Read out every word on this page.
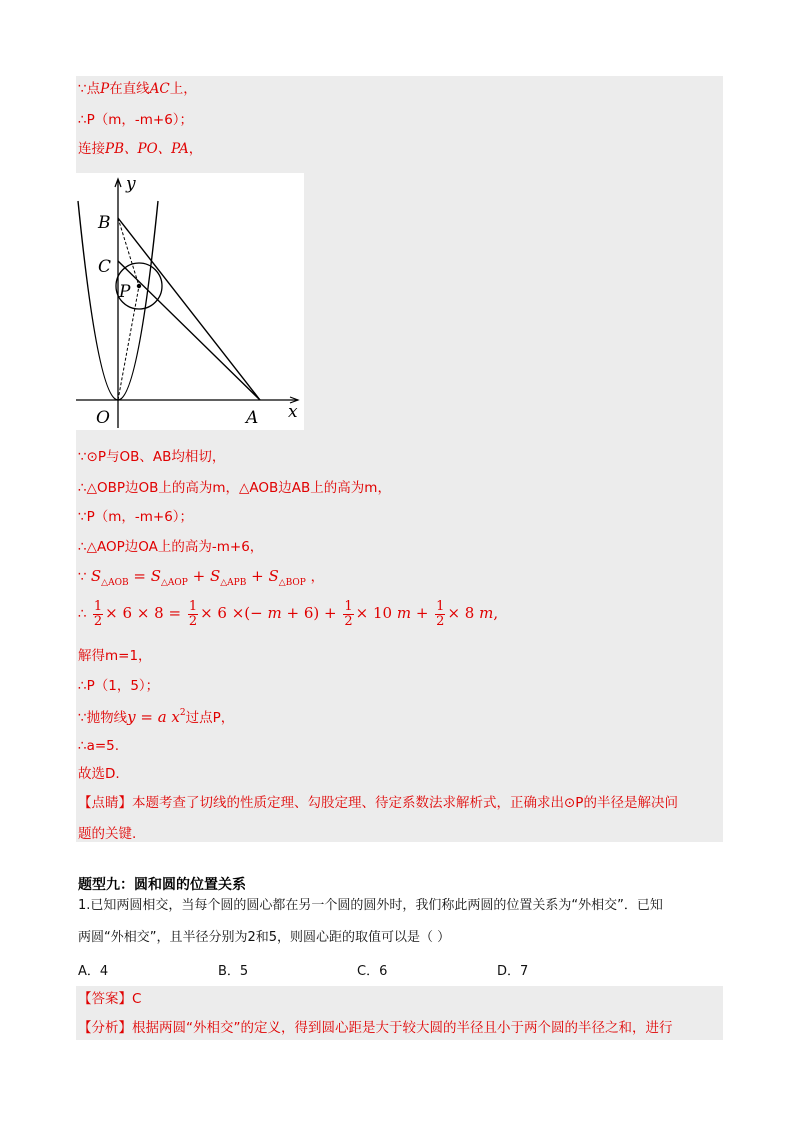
∵点P在直线AC上，
∴P（m，-m+6）；
连接PB、PO、PA，
y
x
B
C
P
O	A
∵⊙P与OB、AB均相切，
∴△OBP边OB上的高为m，△AOB边AB上的高为m，
∵P（m，-m+6）；
∴△AOP边OA上的高为-m+6，
∵ $S_{\triangle AOB} = S_{\triangle AOP} + S_{\triangle APB} + S_{\triangle BOP}$ ，
∴ $\frac{1}{2} \times 6 \times 8 = \frac{1}{2} \times 6$ ×(− $m + 6) + \frac{1}{2} \times 10$ $m + \frac{1}{2} \times 8$ m,
解得m=1，
∴P（1，5）；
∵抛物线y = a $x^2$过点P，
∴a=5.
故选D.
【点睛】本题考查了切线的性质定理、勾股定理、待定系数法求解析式，正确求出⊙P的半径是解决问
题的关键.
题型九：圆和圆的位置关系
1.已知两圆相交，当每个圆的圆心都在另一个圆的圆外时，我们称此两圆的位置关系为“外相交”．已知
两圆“外相交”，且半径分别为2和5，则圆心距的取值可以是（ ）
A．4	B．5	C．6	D．7
【答案】C
【分析】根据两圆“外相交”的定义，得到圆心距是大于较大圆的半径且小于两个圆的半径之和，进行
